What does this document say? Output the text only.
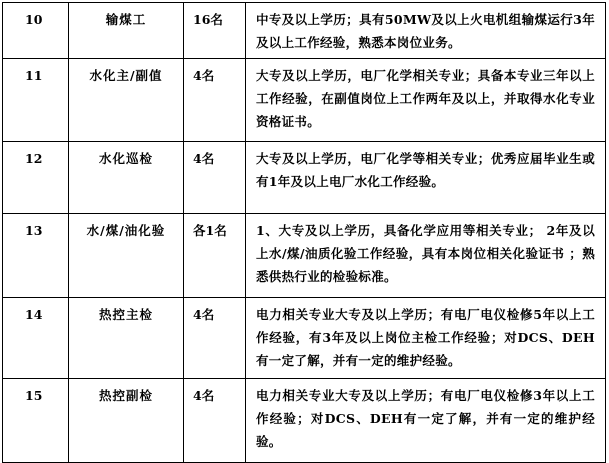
10	输煤工	16名	中专及以上学历；具有50MW及以上火电机组输煤运行3年及以上工作经验，熟悉本岗位业务。
11	水化主/副值	4名	大专及以上学历，电厂化学相关专业；具备本专业三年以上工作经验，在副值岗位上工作两年及以上，并取得水化专业资格证书。
12	水化巡检	4名	大专及以上学历，电厂化学等相关专业；优秀应届毕业生或有1年及以上电厂水化工作经验。
13	水/煤/油化验	各1名	1、大专及以上学历，具备化学应用等相关专业； 2年及以上水/煤/油质化验工作经验，具有本岗位相关化验证书 ；熟悉供热行业的检验标准。
14	热控主检	4名	电力相关专业大专及以上学历；有电厂电仪检修5年以上工作经验，有3年及以上岗位主检工作经验；对DCS、DEH有一定了解，并有一定的维护经验。
15	热控副检	4名	电力相关专业大专及以上学历；有电厂电仪检修3年以上工作经验；对DCS、DEH有一定了解，并有一定的维护经验。
